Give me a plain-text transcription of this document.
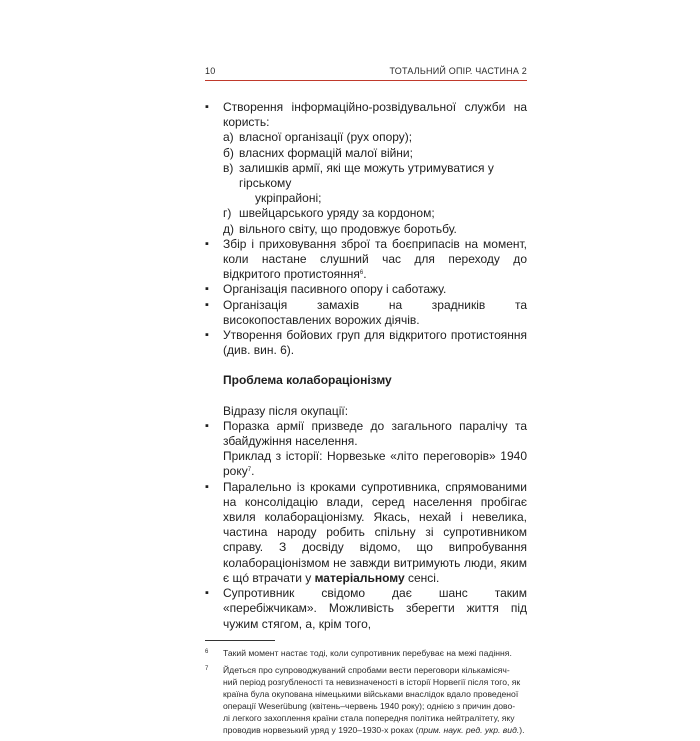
10	ТОТАЛЬНИЙ ОПІР. ЧАСТИНА 2
▪ Створення інформаційно-розвідувальної служби на користь:
а) власної організації (рух опору);
б) власних формацій малої війни;
в) залишків армії, які ще можуть утримуватися у гірському
укріпрайоні;
г) швейцарського уряду за кордоном;
д) вільного світу, що продовжує боротьбу.
▪ Збір і приховування зброї та боєприпасів на момент, коли настане слушний час для переходу до відкритого протистояння$^6$.
▪ Організація пасивного опору і саботажу.
▪ Організація замахів на зрадників та високопоставлених ворожих діячів.
▪ Утворення бойових груп для відкритого протистояння (див. вин. 6).
Проблема колабораціонізму

Відразу після окупації:

▪ Поразка армії призведе до загального паралічу та збайдужіння населення.
Приклад з історії: Норвезьке «літо переговорів» 1940 року$^7$.
▪ Паралельно із кроками супротивника, спрямованими на консолідацію влади, серед населення пробігає хвиля колабораціонізму. Якась, нехай і невелика, частина народу робить спільну зі супротивником справу. З досвіду відомо, що випробування колабораціонізмом не завжди витримують люди, яким є щó втрачати у матеріальному сенсі.
▪ Супротивник свідомо дає шанс таким «перебіжчикам». Можливість зберегти життя під чужим стягом, а, крім того,
6	Такий момент настає тоді, коли супротивник перебуває на межі падіння.
7	Йдеться про супроводжуваний спробами вести переговори кількамісяч-
ний період розгубленості та невизначеності в історії Норвегії після того, як
країна була окупована німецькими військами внаслідок вдало проведеної
операції Weserübung (квітень–червень 1940 року); однією з причин дово-
лі легкого захоплення країни стала попередня політика нейтралітету, яку
проводив норвезький уряд у 1920–1930-х роках (прим. наук. ред. укр. вид.).
